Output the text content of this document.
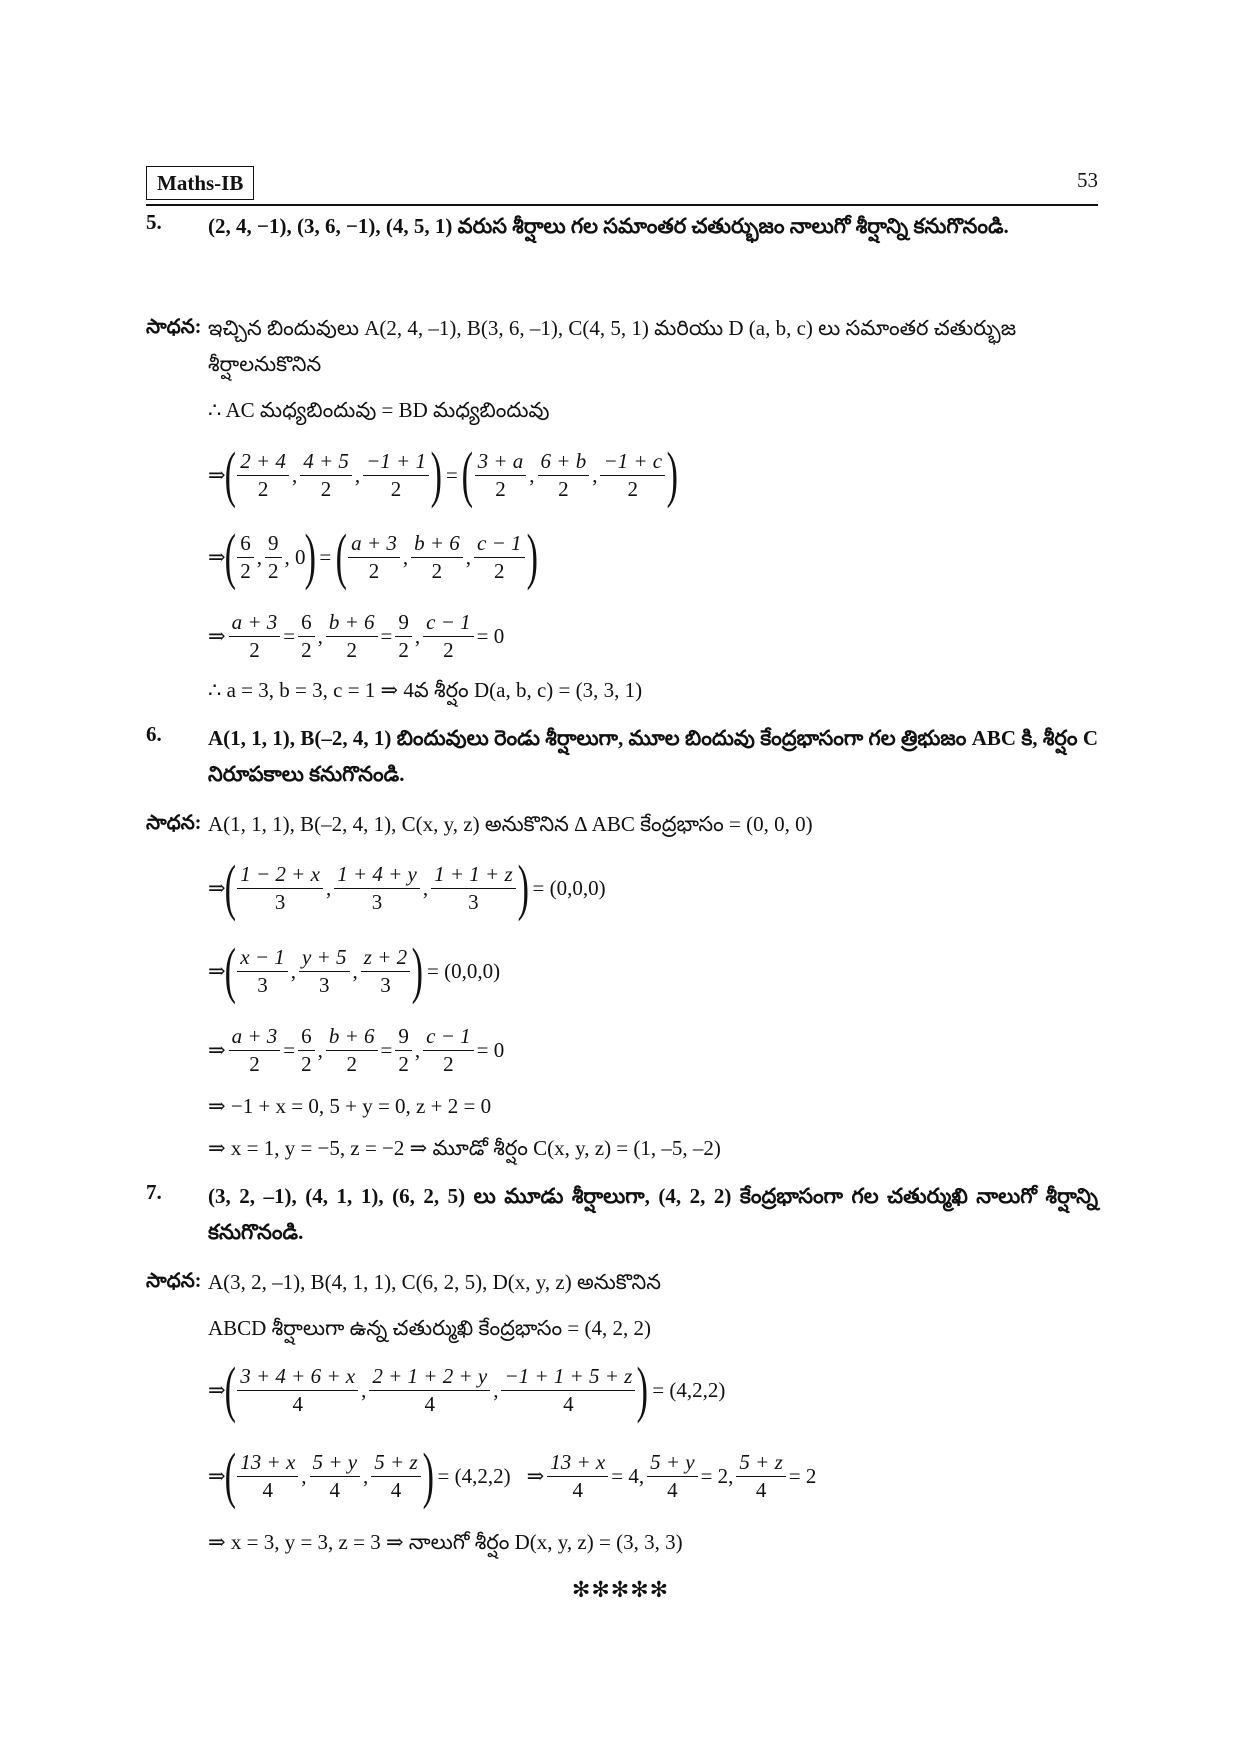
Maths-IB	53
5.	(2, 4, −1), (3, 6, −1), (4, 5, 1) వరుస శీర్షాలు గల సమాంతర చతుర్భుజం నాలుగో శీర్షాన్ని కనుగొనండి.
సాధన: ఇచ్చిన బిందువులు A(2, 4, –1), B(3, 6, –1), C(4, 5, 1) మరియు D (a, b, c) లు సమాంతర చతుర్భుజ శీర్షాలనుకొనిన
∴ AC మధ్యబిందువు = BD మధ్యబిందువు
⇒
( $\frac{2 + 4}{2}$ , $\frac{4 + 5}{2}$ , $\frac{-1 + 1}{2}$ )
=
( $\frac{3 + a}{2}$ , $\frac{6 + b}{2}$ , $\frac{-1 + c}{2}$ )
⇒
( $\frac{6}{2}$ , $\frac{9}{2}$ , 0
)
=
( $\frac{a + 3}{2}$ , $\frac{b + 6}{2}$ , $\frac{c - 1}{2}$ )
⇒ $\frac{a + 3}{2} = \frac{6}{2}$ , $\frac{b + 6}{2} = \frac{9}{2}$ , $\frac{c - 1}{2} = 0$
∴ a = 3, b = 3, c = 1 ⇒ 4వ శీర్షం D(a, b, c) = (3, 3, 1)
6.	A(1, 1, 1), B(–2, 4, 1) బిందువులు రెండు శీర్షాలుగా, మూల బిందువు కేంద్రభాసంగా గల త్రిభుజం ABC కి, శీర్షం C నిరూపకాలు కనుగొనండి.
సాధన: A(1, 1, 1), B(–2, 4, 1), C(x, y, z) అనుకొనిన Δ ABC కేంద్రభాసం = (0, 0, 0)
⇒
( $\frac{1 - 2 + x}{3}$ , $\frac{1 + 4 + y}{3}$ , $\frac{1 + 1 + z}{3}$ )
= (0,0,0)
⇒
( $\frac{x - 1}{3}$ , $\frac{y + 5}{3}$ , $\frac{z + 2}{3}$ )
= (0,0,0)
⇒ $\frac{a + 3}{2} = \frac{6}{2}$ , $\frac{b + 6}{2} = \frac{9}{2}$ , $\frac{c - 1}{2} = 0$
⇒ −1 + x = 0, 5 + y = 0, z + 2 = 0
⇒ x = 1, y = −5, z = −2 ⇒ మూడో శీర్షం C(x, y, z) = (1, –5, –2)
7.	(3, 2, –1), (4, 1, 1), (6, 2, 5) లు మూడు శీర్షాలుగా, (4, 2, 2) కేంద్రభాసంగా గల చతుర్ముఖి నాలుగో శీర్షాన్ని కనుగొనండి.
సాధన: A(3, 2, –1), B(4, 1, 1), C(6, 2, 5), D(x, y, z) అనుకొనిన
ABCD శీర్షాలుగా ఉన్న చతుర్ముఖి కేంద్రభాసం = (4, 2, 2)
⇒
( $\frac{3 + 4 + 6 + x}{4}$ , $\frac{2 + 1 + 2 + y}{4}$ , $\frac{-1 + 1 + 5 + z}{4}$ )
= (4,2,2)
⇒
( $\frac{13 + x}{4}$ , $\frac{5 + y}{4}$ , $\frac{5 + z}{4}$ )
= (4,2,2) ⇒ $\frac{13 + x}{4} = 4$, $\frac{5 + y}{4} = 2$, $\frac{5 + z}{4} = 2$
⇒ x = 3, y = 3, z = 3 ⇒ నాలుగో శీర్షం D(x, y, z) = (3, 3, 3)
✻✻✻✻✻
